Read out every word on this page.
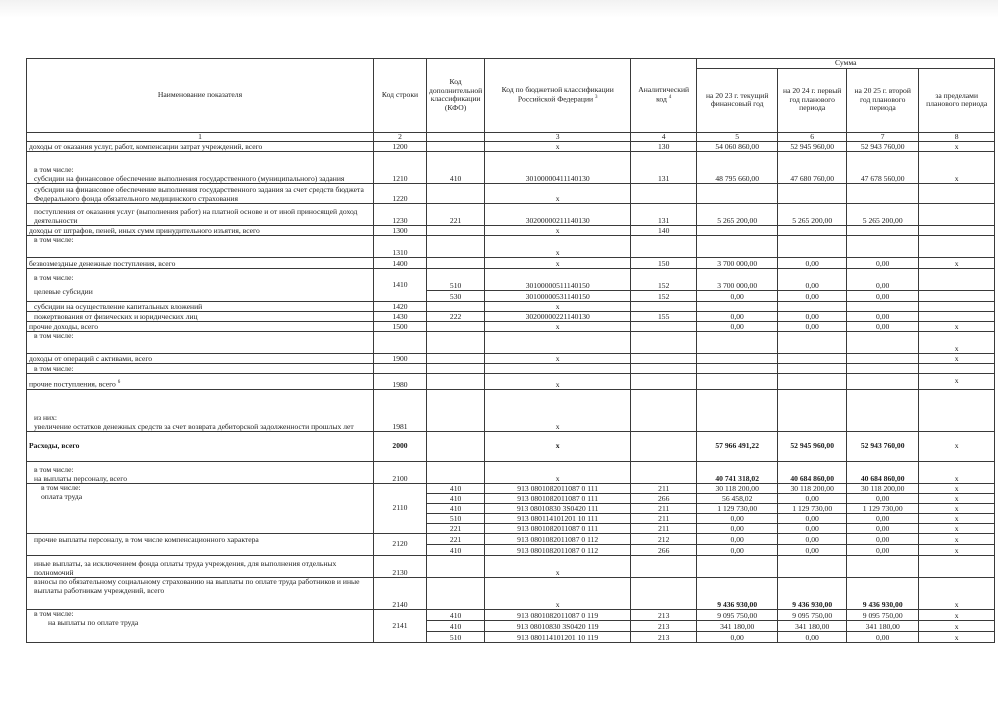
Наименование показателя	Код строки	Код дополнительной классификации (КФО)	Код по бюджетной классификации Российской Федерации $^3$	Аналитический код $^4$	Сумма			
					на 20 23 г. текущий финансовый год	на 20 24 г. первый год планового периода	на 20 25 г. второй год планового периода	за пределами планового периода
1	2		3	4	5	6	7	8
доходы от оказания услуг, работ, компенсации затрат учреждений, всего	1200		x	130	54 060 860,00	52 945 960,00	52 943 760,00	x

в том числе:
субсидии на финансовое обеспечение выполнения государственного (муниципального) задания	1210	410	30100000411140130	131	48 795 660,00	47 680 760,00	47 678 560,00	x
субсидии на финансовое обеспечение выполнения государственного задания за счет средств бюджета Федерального фонда обязательного медицинского страхования	1220		x					
поступления от оказания услуг (выполнения работ) на платной основе и от иной приносящей доход деятельности	1230	221	30200000211140130	131	5 265 200,00	5 265 200,00	5 265 200,00	
доходы от штрафов, пеней, иных сумм принудительного изъятия, всего	1300		x	140				
в том числе:	1310		x					
безвозмездные денежные поступления, всего	1400		x	150	3 700 000,00	0,00	0,00	x

в том числе:
целевые субсидии	1410	510	30100000511140150	152	3 700 000,00	0,00	0,00	
		530	30100000531140150	152	0,00	0,00	0,00	
субсидии на осуществление капитальных вложений	1420		x					
пожертвования от физических и юридических лиц	1430	222	30200000221140130	155	0,00	0,00	0,00	
прочие доходы, всего	1500		x		0,00	0,00	0,00	x
в том числе:								x
доходы от операций с активами, всего	1900		x					x
в том числе:								
прочие поступления, всего $^6$	1980		x					x

из них:
увеличение остатков денежных средств за счет возврата дебиторской задолженности прошлых лет	1981		x					
Расходы, всего	2000		x		57 966 491,22	52 945 960,00	52 943 760,00	x

в том числе:
на выплаты персоналу, всего	2100		x		40 741 318,02	40 684 860,00	40 684 860,00	x

в том числе:
оплата труда	2110	410	913 0801082011087 0 111	211	30 118 200,00	30 118 200,00	30 118 200,00	x
		410	913 0801082011087 0 111	266	56 458,02	0,00	0,00	x
		410	913 08010830 3S0420 111	211	1 129 730,00	1 129 730,00	1 129 730,00	x
		510	913 080114101201 10 111	211	0,00	0,00	0,00	x
		221	913 0801082011087 0 111	211	0,00	0,00	0,00	x
прочие выплаты персоналу, в том числе компенсационного характера	2120	221	913 0801082011087 0 112	212	0,00	0,00	0,00	x
		410	913 0801082011087 0 112	266	0,00	0,00	0,00	x
иные выплаты, за исключением фонда оплаты труда учреждения, для выполнения отдельных полномочий	2130		x					
взносы по обязательному социальному страхованию на выплаты по оплате труда работников и иные выплаты работникам учреждений, всего	2140		x		9 436 930,00	9 436 930,00	9 436 930,00	x

в том числе:
на выплаты по оплате труда	2141	410	913 0801082011087 0 119	213	9 095 750,00	9 095 750,00	9 095 750,00	x
		410	913 08010830 3S0420 119	213	341 180,00	341 180,00	341 180,00	x
		510	913 080114101201 10 119	213	0,00	0,00	0,00	x
